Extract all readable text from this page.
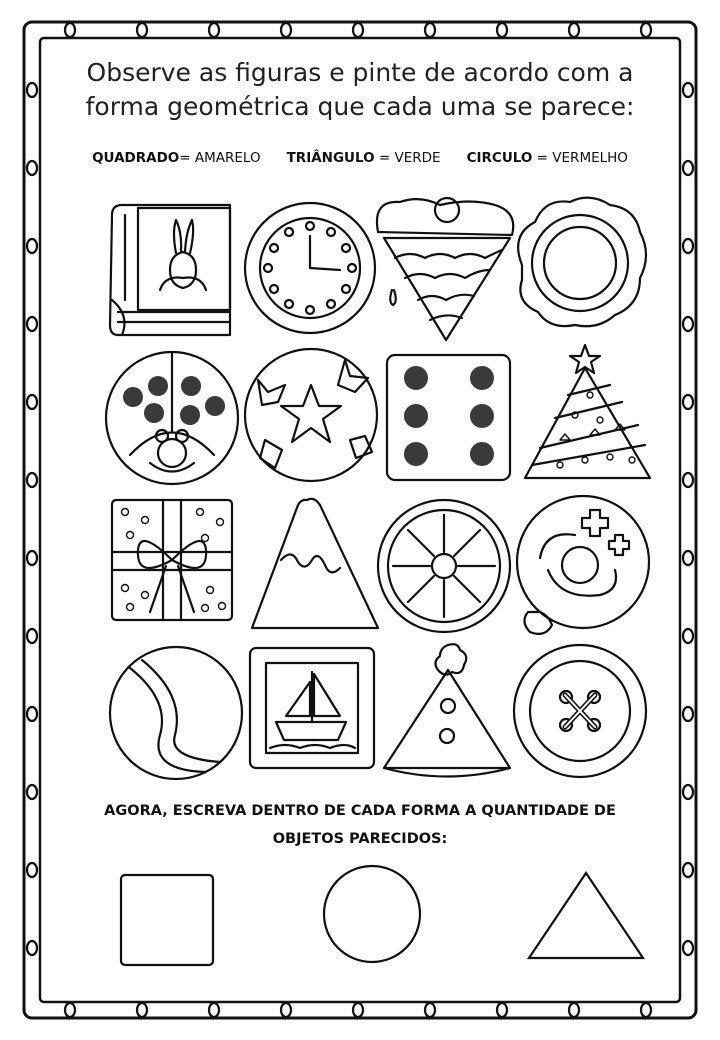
Observe as figuras e pinte de acordo com a
forma geométrica que cada uma se parece:
QUADRADO= AMARELO TRIÂNGULO = VERDE CIRCULO = VERMELHO
AGORA, ESCREVA DENTRO DE CADA FORMA A QUANTIDADE DE
OBJETOS PARECIDOS:
